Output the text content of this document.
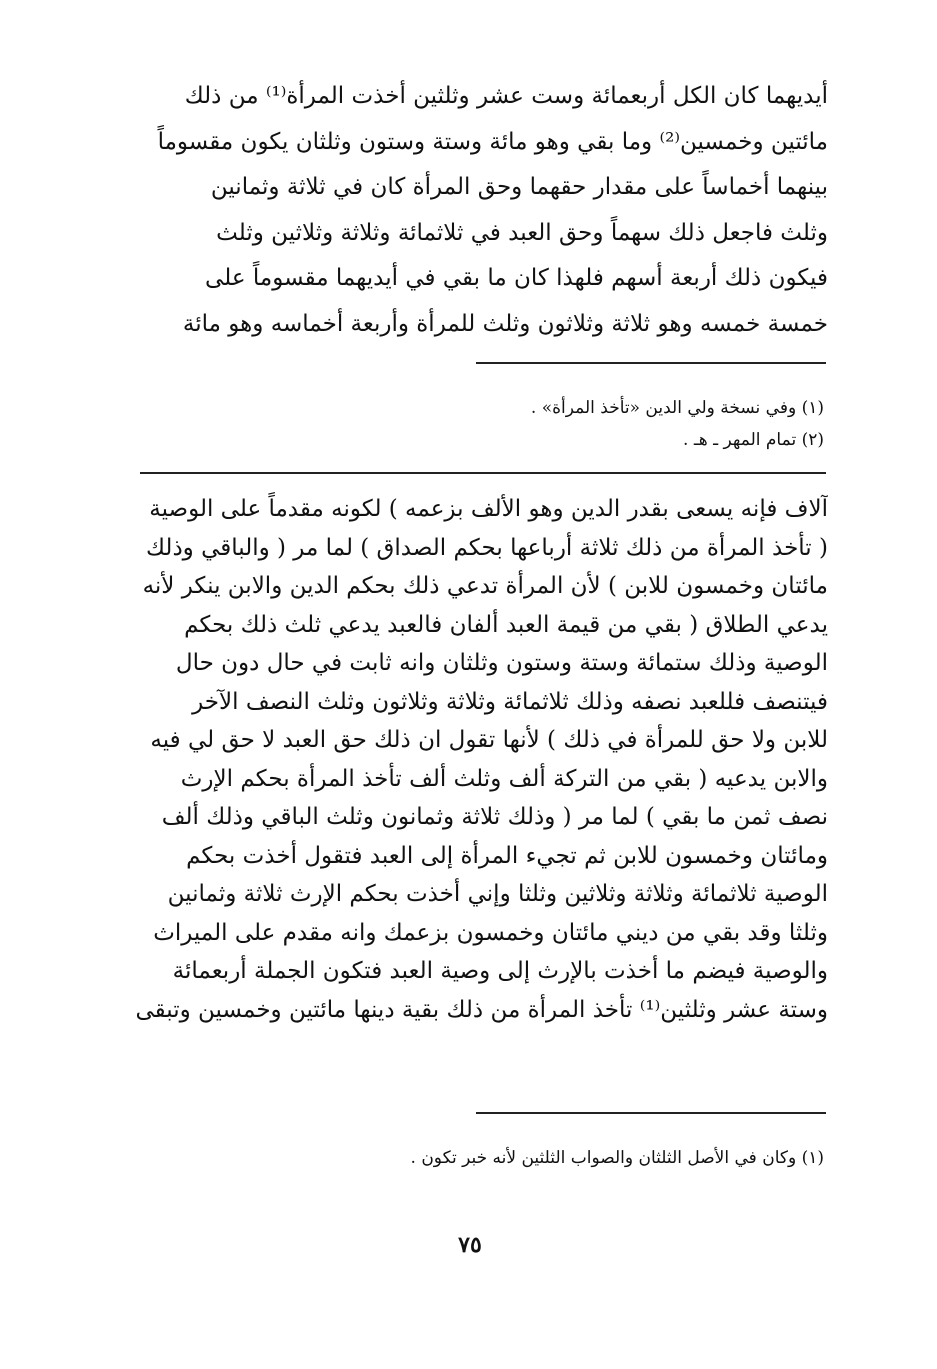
أيديهما كان الكل أربعمائة وست عشر وثلثين أخذت المرأة⁽¹⁾ من ذلك
مائتين وخمسين⁽²⁾ وما بقي وهو مائة وستة وستون وثلثان يكون مقسوماً
بينهما أخماساً على مقدار حقهما وحق المرأة كان في ثلاثة وثمانين
وثلث فاجعل ذلك سهماً وحق العبد في ثلاثمائة وثلاثة وثلاثين وثلث
فيكون ذلك أربعة أسهم فلهذا كان ما بقي في أيديهما مقسوماً على
خمسة خمسه وهو ثلاثة وثلاثون وثلث للمرأة وأربعة أخماسه وهو مائة
(١) وفي نسخة ولي الدين «تأخذ المرأة» .
(٢) تمام المهر ـ هـ .
آلاف فإنه يسعى بقدر الدين وهو الألف بزعمه ) لكونه مقدماً على الوصية
( تأخذ المرأة من ذلك ثلاثة أرباعها بحكم الصداق ) لما مر ( والباقي وذلك
مائتان وخمسون للابن ) لأن المرأة تدعي ذلك بحكم الدين والابن ينكر لأنه
يدعي الطلاق ( بقي من قيمة العبد ألفان فالعبد يدعي ثلث ذلك بحكم
الوصية وذلك ستمائة وستة وستون وثلثان وانه ثابت في حال دون حال
فيتنصف فللعبد نصفه وذلك ثلاثمائة وثلاثة وثلاثون وثلث النصف الآخر
للابن ولا حق للمرأة في ذلك ) لأنها تقول ان ذلك حق العبد لا حق لي فيه
والابن يدعيه ( بقي من التركة ألف وثلث ألف تأخذ المرأة بحكم الإرث
نصف ثمن ما بقي ) لما مر ( وذلك ثلاثة وثمانون وثلث الباقي وذلك ألف
ومائتان وخمسون للابن ثم تجيء المرأة إلى العبد فتقول أخذت بحكم
الوصية ثلاثمائة وثلاثة وثلاثين وثلثا وإني أخذت بحكم الإرث ثلاثة وثمانين
وثلثا وقد بقي من ديني مائتان وخمسون بزعمك وانه مقدم على الميراث
والوصية فيضم ما أخذت بالإرث إلى وصية العبد فتكون الجملة أربعمائة
وستة عشر وثلثين⁽¹⁾ تأخذ المرأة من ذلك بقية دينها مائتين وخمسين وتبقى
(١) وكان في الأصل الثلثان والصواب الثلثين لأنه خبر تكون .
٧٥
